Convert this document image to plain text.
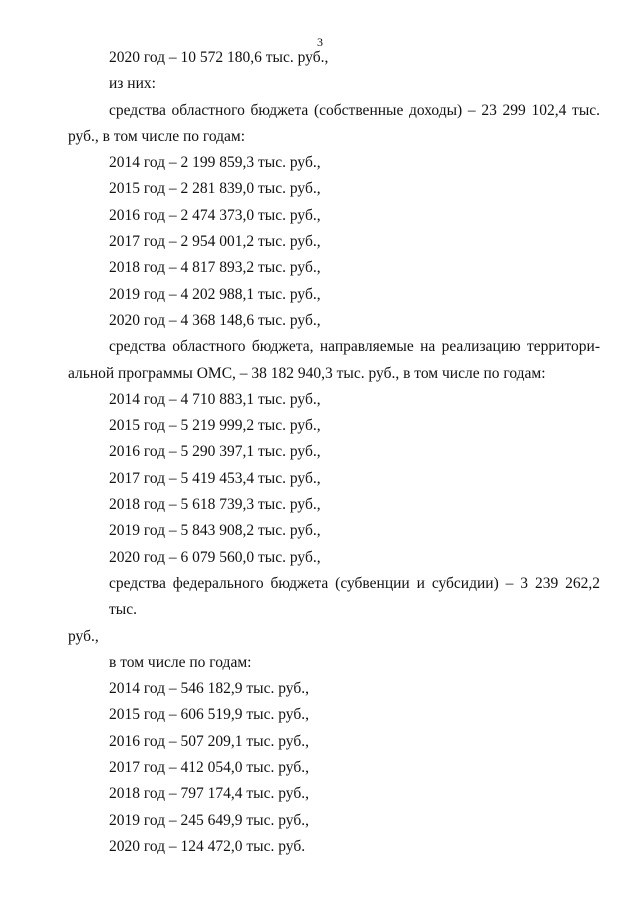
3
2020 год – 10 572 180,6 тыс. руб.,
из них:
средства областного бюджета (собственные доходы) – 23 299 102,4 тыс.
руб., в том числе по годам:
2014 год – 2 199 859,3 тыс. руб.,
2015 год – 2 281 839,0 тыс. руб.,
2016 год – 2 474 373,0 тыс. руб.,
2017 год – 2 954 001,2 тыс. руб.,
2018 год – 4 817 893,2 тыс. руб.,
2019 год – 4 202 988,1 тыс. руб.,
2020 год – 4 368 148,6 тыс. руб.,
средства областного бюджета, направляемые на реализацию территори-
альной программы ОМС, – 38 182 940,3 тыс. руб., в том числе по годам:
2014 год – 4 710 883,1 тыс. руб.,
2015 год – 5 219 999,2 тыс. руб.,
2016 год – 5 290 397,1 тыс. руб.,
2017 год – 5 419 453,4 тыс. руб.,
2018 год – 5 618 739,3 тыс. руб.,
2019 год – 5 843 908,2 тыс. руб.,
2020 год – 6 079 560,0 тыс. руб.,
средства федерального бюджета (субвенции и субсидии) – 3 239 262,2 тыс.
руб.,
в том числе по годам:
2014 год – 546 182,9 тыс. руб.,
2015 год – 606 519,9 тыс. руб.,
2016 год – 507 209,1 тыс. руб.,
2017 год – 412 054,0 тыс. руб.,
2018 год – 797 174,4 тыс. руб.,
2019 год – 245 649,9 тыс. руб.,
2020 год – 124 472,0 тыс. руб.
